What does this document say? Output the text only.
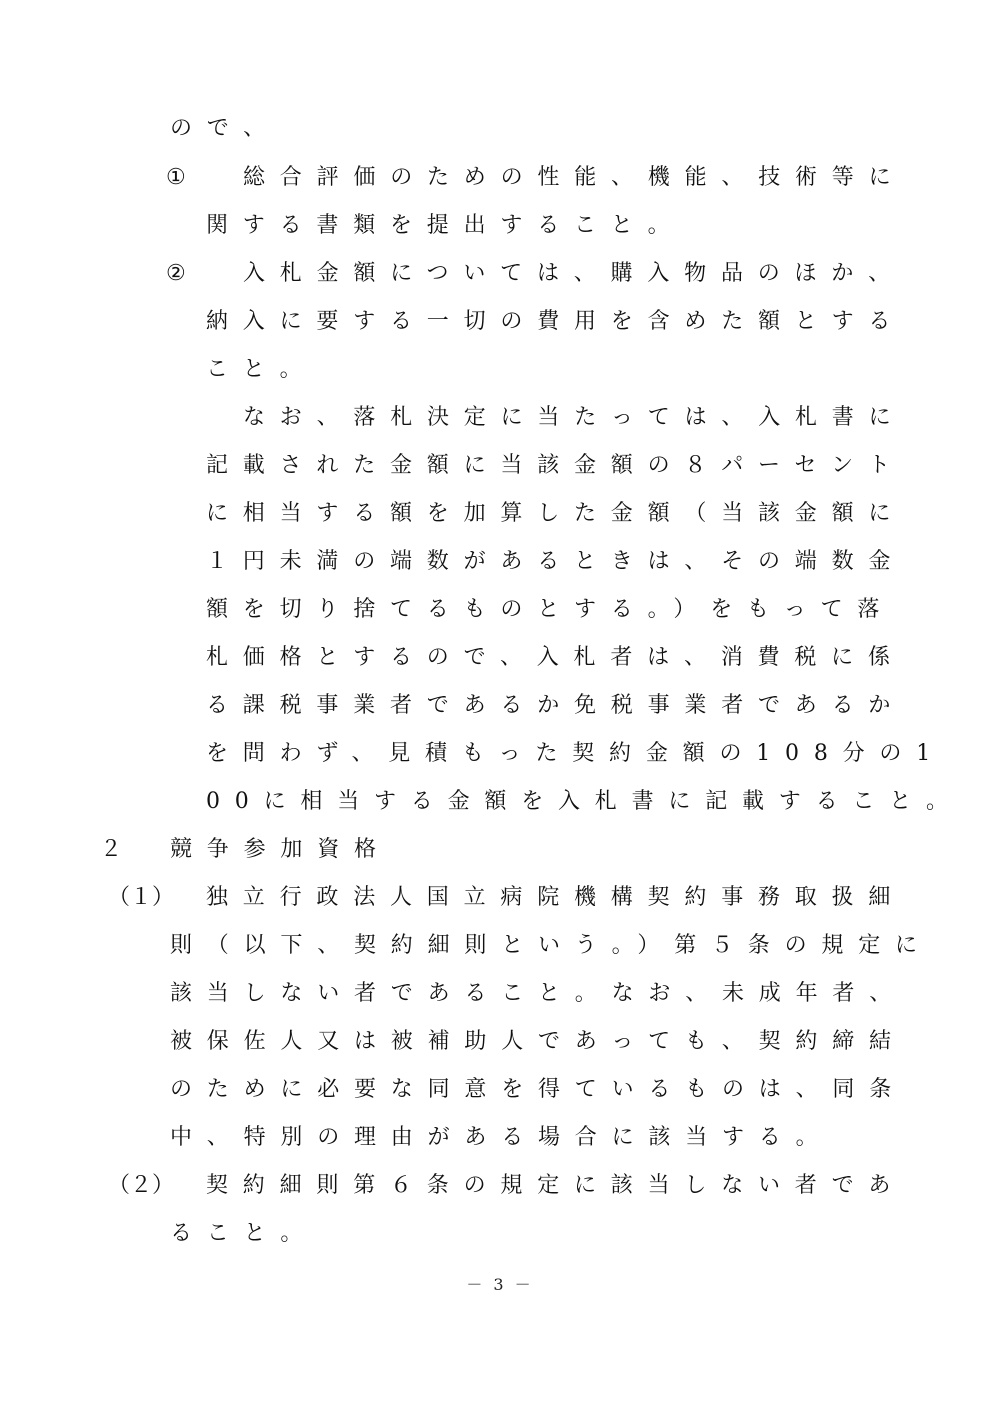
ので、
①	総合評価のための性能、機能、技術等に
関する書類を提出すること。
②	入札金額については、購入物品のほか、
納入に要する一切の費用を含めた額とする
こと。
なお、落札決定に当たっては、入札書に
記載された金額に当該金額の８パーセント
に相当する額を加算した金額（当該金額に
１円未満の端数があるときは、その端数金
額を切り捨てるものとする。）をもって落
札価格とするので、入札者は、消費税に係
る課税事業者であるか免税事業者であるか
を問わず、見積もった契約金額の108分の1
00に相当する金額を入札書に記載すること。
２ 競争参加資格
（１） 独立行政法人国立病院機構契約事務取扱細
則（以下、契約細則という。）第５条の規定に
該当しない者であること。なお、未成年者、
被保佐人又は被補助人であっても、契約締結
のために必要な同意を得ているものは、同条
中、特別の理由がある場合に該当する。
（２） 契約細則第６条の規定に該当しない者であ
ること。
－ 3 －
